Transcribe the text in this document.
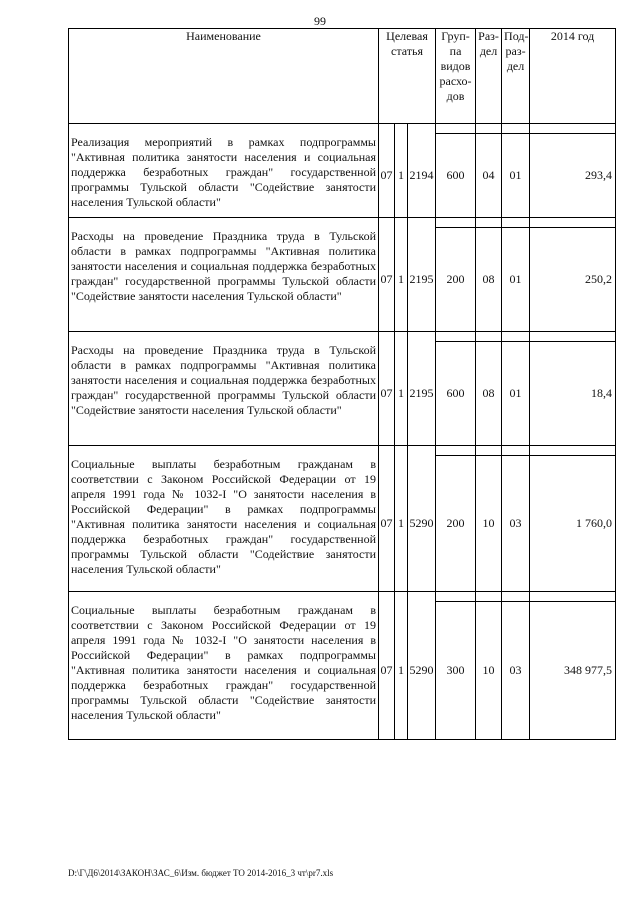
99
Наименование	Целевая статья			Груп-па видов расхо-дов	Раз-дел	Под-раз-дел	2014 год

Реализация мероприятий в рамках подпрограммы "Активная политика занятости населения и социальная поддержка безработных граждан" государственной программы Тульской области "Содействие занятости населения Тульской области"	07	1	2194	600	04	01	293,4

Расходы на проведение Праздника труда в Тульской области в рамках подпрограммы "Активная политика занятости населения и социальная поддержка безработных граждан" государственной программы Тульской области "Содействие занятости населения Тульской области"	07	1	2195	200	08	01	250,2

Расходы на проведение Праздника труда в Тульской области в рамках подпрограммы "Активная политика занятости населения и социальная поддержка безработных граждан" государственной программы Тульской области "Содействие занятости населения Тульской области"	07	1	2195	600	08	01	18,4

Социальные выплаты безработным гражданам в соответствии с Законом Российской Федерации от 19 апреля 1991 года № 1032-I "О занятости населения в Российской Федерации" в рамках подпрограммы "Активная политика занятости населения и социальная поддержка безработных граждан" государственной программы Тульской области "Содействие занятости населения Тульской области"	07	1	5290	200	10	03	1 760,0

Социальные выплаты безработным гражданам в соответствии с Законом Российской Федерации от 19 апреля 1991 года № 1032-I "О занятости населения в Российской Федерации" в рамках подпрограммы "Активная политика занятости населения и социальная поддержка безработных граждан" государственной программы Тульской области "Содействие занятости населения Тульской области"	07	1	5290	300	10	03	348 977,5
D:\Г\Д6\2014\ЗАКОН\ЗАС_6\Изм. бюджет ТО 2014-2016_3 чт\pr7.xls
